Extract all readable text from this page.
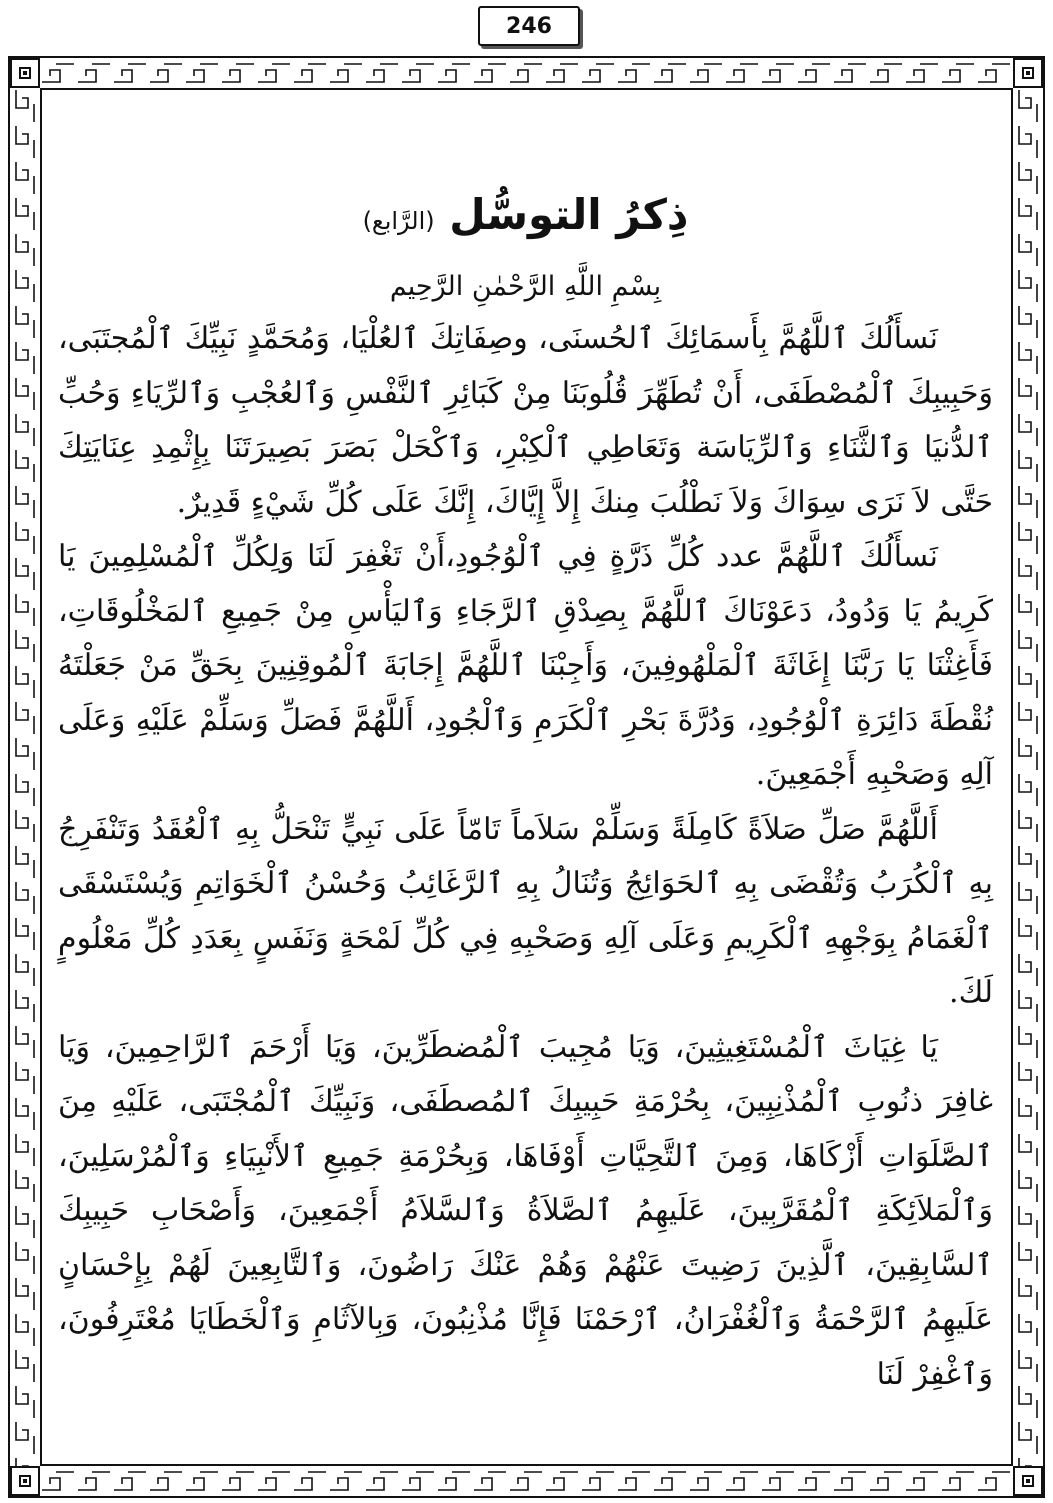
246
ذِكرُ التوسُّل (الرَّابع)

بِسْمِ اللَّهِ الرَّحْمٰنِ الرَّحِيم

نَسأَلُكَ ٱللَّهُمَّ بِأَسمَائِكَ ٱلحُسنَى، وصِفَاتِكَ ٱلعُلْيَا، وَمُحَمَّدٍ نَبِيِّكَ ٱلْمُجتَبَى، وَحَبِيبِكَ ٱلْمُصْطَفَى، أَنْ تُطَهِّرَ قُلُوبَنَا مِنْ كَبَائِرِ ٱلنَّفْسِ وَٱلعُجْبِ وَٱلرِّيَاءِ وَحُبِّ ٱلدُّنيَا وَٱلثَّنَاءِ وَٱلرِّيَاسَة وَتَعَاطِي ٱلْكِبْرِ، وَٱكْحَلْ بَصَرَ بَصِيرَتَنَا بِإِثْمِدِ عِنَايَتِكَ حَتَّى لاَ نَرَى سِوَاكَ وَلاَ نَطْلُبَ مِنكَ إِلاَّ إِيَّاكَ، إِنَّكَ عَلَى كُلِّ شَيْءٍ قَدِيرٌ.

نَسأَلُكَ ٱللَّهُمَّ عدد كُلِّ ذَرَّةٍ فِي ٱلْوُجُودِ،أَنْ تَغْفِرَ لَنَا وَلِكُلِّ ٱلْمُسْلِمِينَ يَا كَرِيمُ يَا وَدُودُ، دَعَوْنَاكَ ٱللَّهُمَّ بِصِدْقِ ٱلرَّجَاءِ وَٱليَأْسِ مِنْ جَمِيعِ ٱلمَخْلُوقَاتِ، فَأَغِثْنَا يَا رَبَّنَا إِغَاثَةَ ٱلْمَلْهُوفِينَ، وَأَجِبْنَا ٱللَّهُمَّ إِجَابَةَ ٱلْمُوقِنِينَ بِحَقِّ مَنْ جَعَلْتَهُ نُقْطَةَ دَائِرَةِ ٱلْوُجُودِ، وَدُرَّةَ بَحْرِ ٱلْكَرَمِ وَٱلْجُودِ، أَللَّهُمَّ فَصَلِّ وَسَلِّمْ عَلَيْهِ وَعَلَى آلِهِ وَصَحْبِهِ أَجْمَعِينَ.

أَللَّهُمَّ صَلِّ صَلاَةً كَامِلَةً وَسَلِّمْ سَلاَماً تَامّاً عَلَى نَبِيٍّ تَنْحَلُّ بِهِ ٱلْعُقَدُ وَتَنْفَرِجُ بِهِ ٱلْكُرَبُ وَتُقْضَى بِهِ ٱلحَوَائِجُ وَتُنَالُ بِهِ ٱلرَّغَائِبُ وَحُسْنُ ٱلْخَوَاتِمِ وَيُسْتَسْقَى ٱلْغَمَامُ بِوَجْهِهِ ٱلْكَرِيمِ وَعَلَى آلِهِ وَصَحْبِهِ فِي كُلِّ لَمْحَةٍ وَنَفَسٍ بِعَدَدِ كُلِّ مَعْلُومٍ لَكَ.

يَا غِيَاثَ ٱلْمُسْتَغِيثِينَ، وَيَا مُجِيبَ ٱلْمُضطَرِّينَ، وَيَا أَرْحَمَ ٱلرَّاحِمِينَ، وَيَا غافِرَ ذنُوبِ ٱلْمُذْنِبِينَ، بِحُرْمَةِ حَبِيبِكَ ٱلمُصطَفَى، وَنَبِيِّكَ ٱلْمُجْتَبَى، عَلَيْهِ مِنَ ٱلصَّلَوَاتِ أَزْكَاهَا، وَمِنَ ٱلتَّحِيَّاتِ أَوْفَاهَا، وَبِحُرْمَةِ جَمِيعِ ٱلأَنْبِيَاءِ وَٱلْمُرْسَلِينَ، وَٱلْمَلاَئِكَةِ ٱلْمُقَرَّبِينَ، عَلَيهِمُ ٱلصَّلاَةُ وَٱلسَّلاَمُ أَجْمَعِينَ، وَأَصْحَابِ حَبِيبِكَ ٱلسَّابِقِينَ، ٱلَّذِينَ رَضِيتَ عَنْهُمْ وَهُمْ عَنْكَ رَاضُونَ، وَٱلتَّابِعِينَ لَهُمْ بِإِحْسَانٍ عَلَيهِمُ ٱلرَّحْمَةُ وَٱلْغُفْرَانُ، ٱرْحَمْنَا فَإِنَّا مُذْنِبُونَ، وَبِالآثَامِ وَٱلْخَطَايَا مُعْتَرِفُونَ، وَٱغْفِرْ لَنَا
